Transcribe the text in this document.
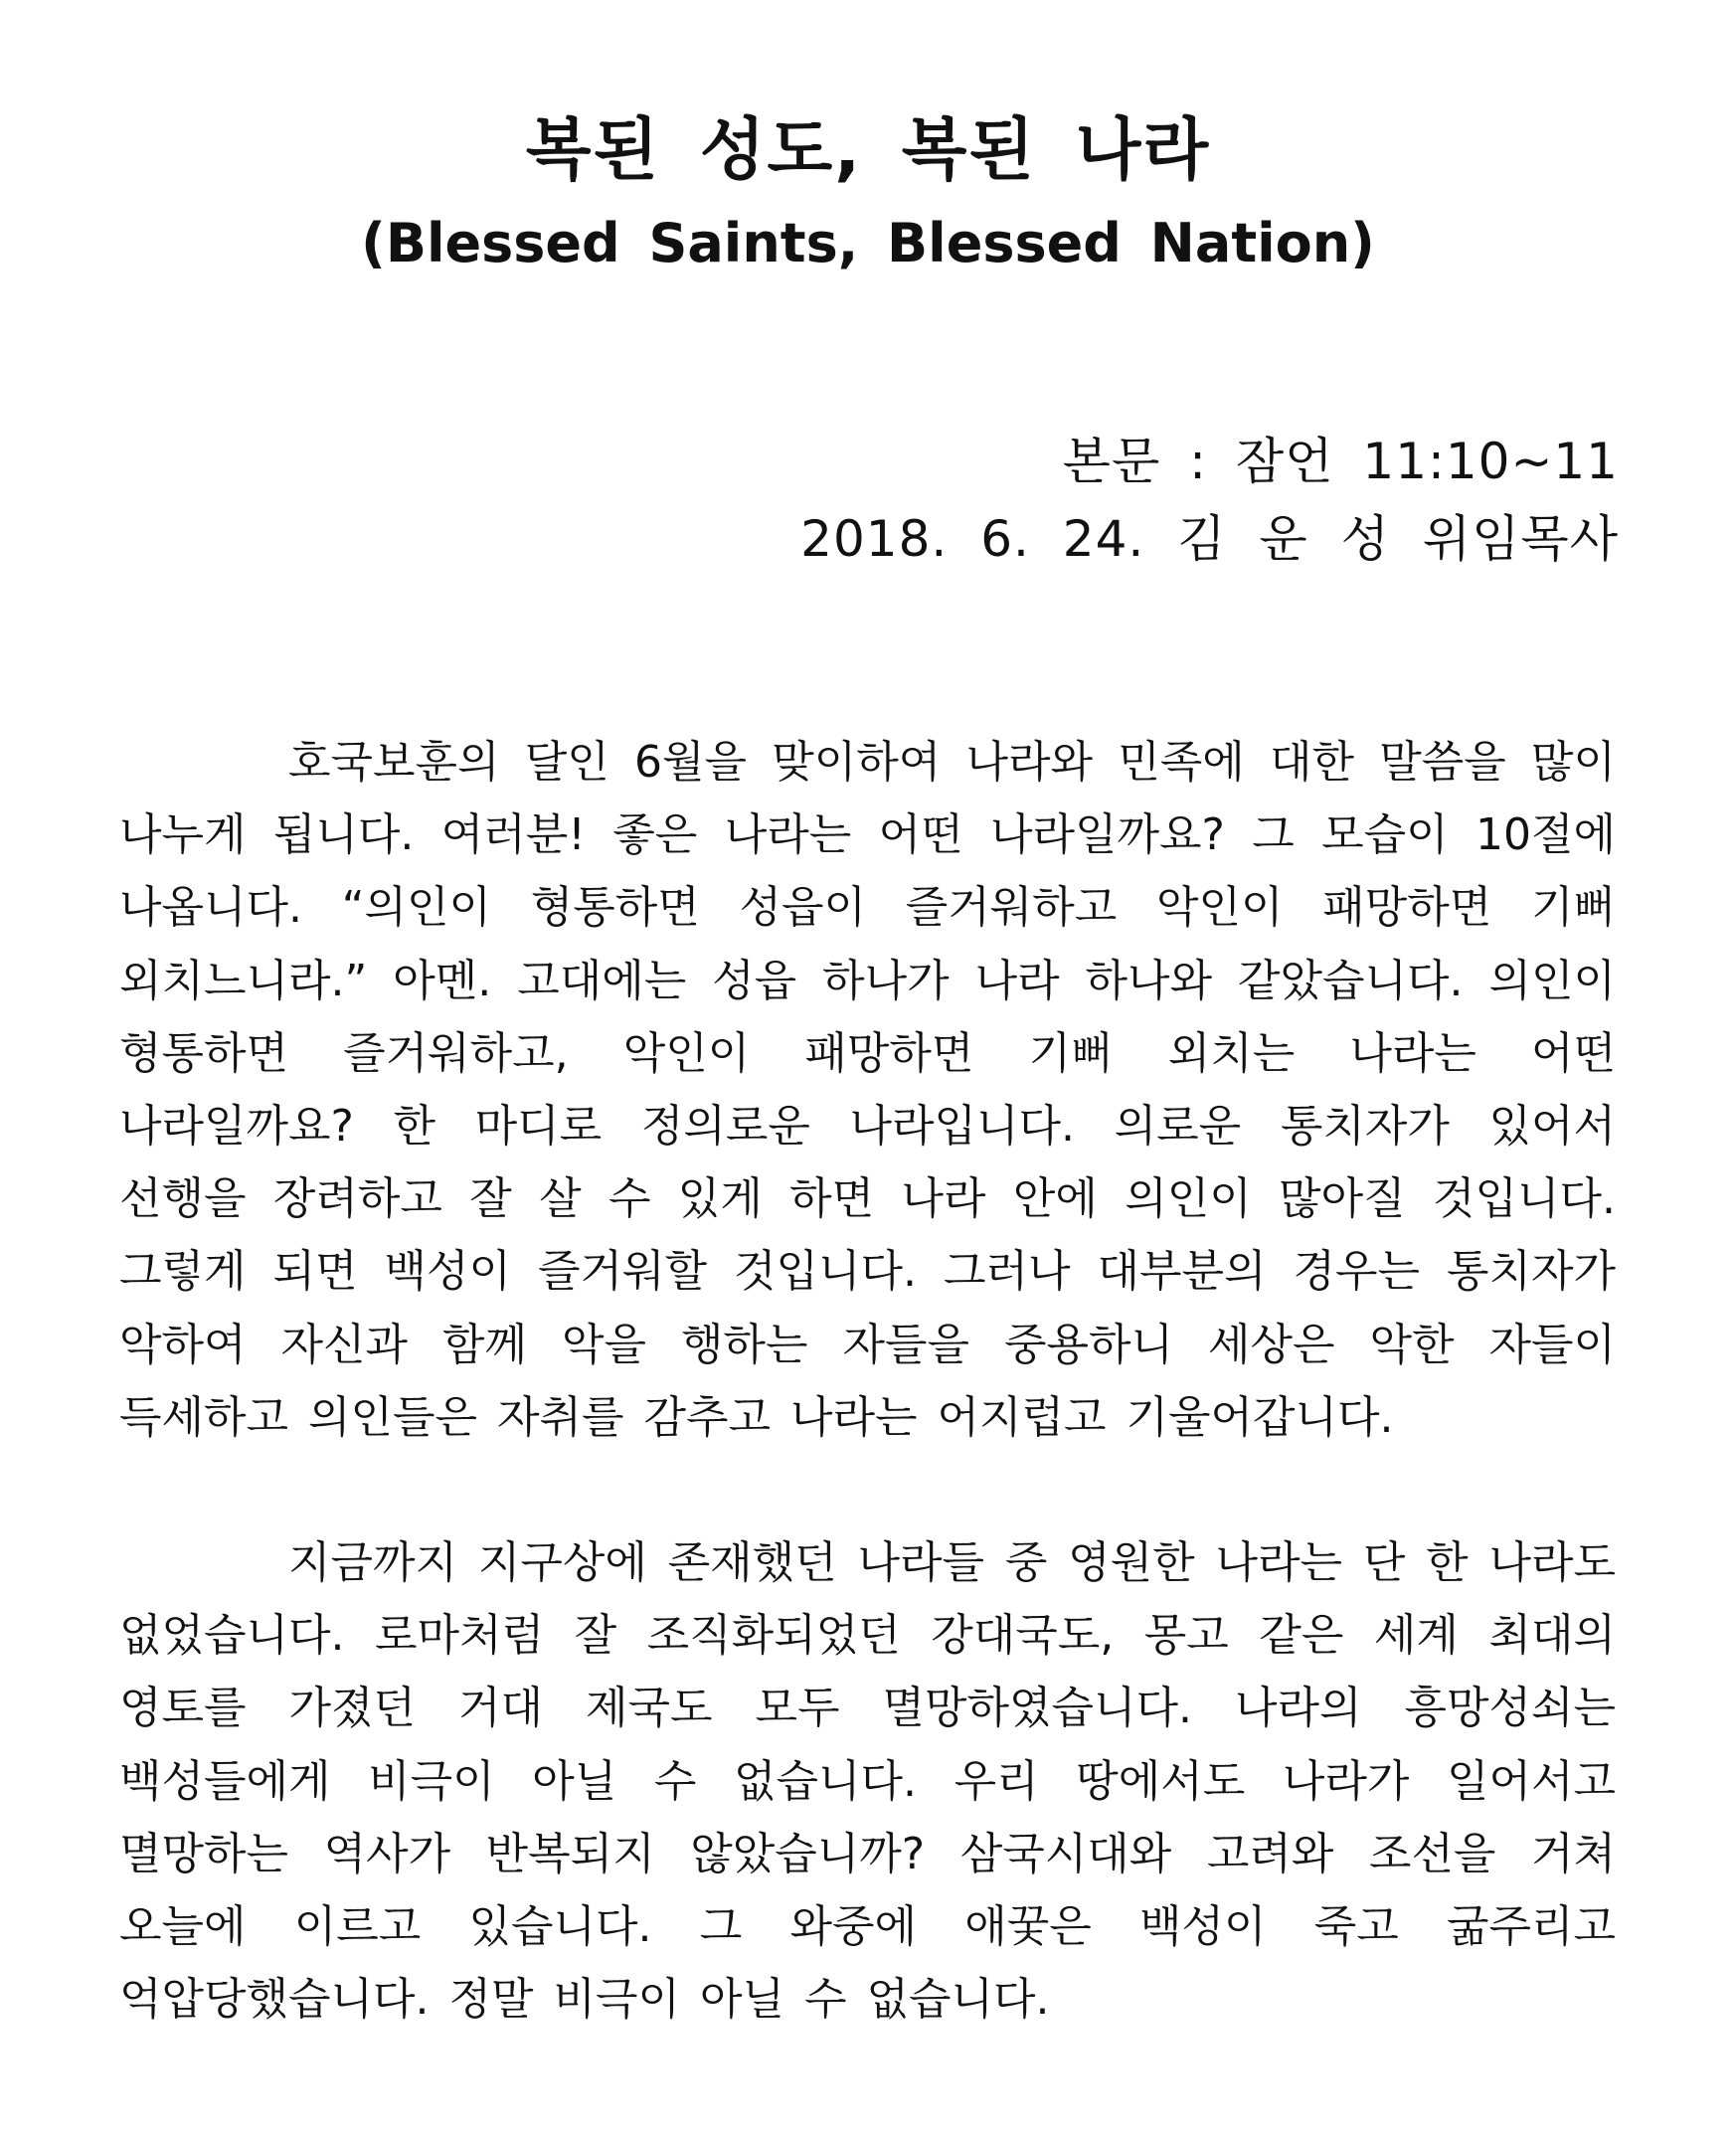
복된 성도, 복된 나라
(Blessed Saints, Blessed Nation)
본문 : 잠언 11:10~11
2018. 6. 24. 김 운 성 위임목사

호국보훈의 달인 6월을 맞이하여 나라와 민족에 대한 말씀을 많이 나누게 됩니다. 여러분! 좋은 나라는 어떤 나라일까요? 그 모습이 10절에 나옵니다. “의인이 형통하면 성읍이 즐거워하고 악인이 패망하면 기뻐 외치느니라.” 아멘. 고대에는 성읍 하나가 나라 하나와 같았습니다. 의인이 형통하면 즐거워하고, 악인이 패망하면 기뻐 외치는 나라는 어떤 나라일까요? 한 마디로 정의로운 나라입니다. 의로운 통치자가 있어서 선행을 장려하고 잘 살 수 있게 하면 나라 안에 의인이 많아질 것입니다. 그렇게 되면 백성이 즐거워할 것입니다. 그러나 대부분의 경우는 통치자가 악하여 자신과 함께 악을 행하는 자들을 중용하니 세상은 악한 자들이 득세하고 의인들은 자취를 감추고 나라는 어지럽고 기울어갑니다.

지금까지 지구상에 존재했던 나라들 중 영원한 나라는 단 한 나라도 없었습니다. 로마처럼 잘 조직화되었던 강대국도, 몽고 같은 세계 최대의 영토를 가졌던 거대 제국도 모두 멸망하였습니다. 나라의 흥망성쇠는 백성들에게 비극이 아닐 수 없습니다. 우리 땅에서도 나라가 일어서고 멸망하는 역사가 반복되지 않았습니까? 삼국시대와 고려와 조선을 거쳐 오늘에 이르고 있습니다. 그 와중에 애꿎은 백성이 죽고 굶주리고 억압당했습니다. 정말 비극이 아닐 수 없습니다.
